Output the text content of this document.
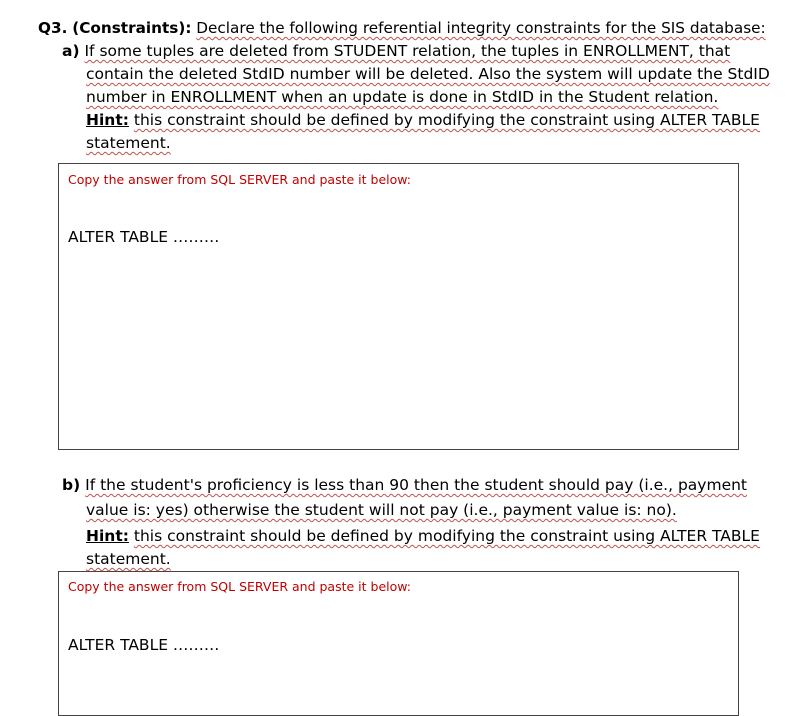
Q3. (Constraints): Declare the following referential integrity constraints for the SIS database:
a) If some tuples are deleted from STUDENT relation, the tuples in ENROLLMENT, that
contain the deleted StdID number will be deleted. Also the system will update the StdID
number in ENROLLMENT when an update is done in StdID in the Student relation.
Hint: this constraint should be defined by modifying the constraint using ALTER TABLE
statement.
Copy the answer from SQL SERVER and paste it below:
ALTER TABLE ………
b) If the student's proficiency is less than 90 then the student should pay (i.e., payment
value is: yes) otherwise the student will not pay (i.e., payment value is: no).
Hint: this constraint should be defined by modifying the constraint using ALTER TABLE
statement.
Copy the answer from SQL SERVER and paste it below:
ALTER TABLE ………
